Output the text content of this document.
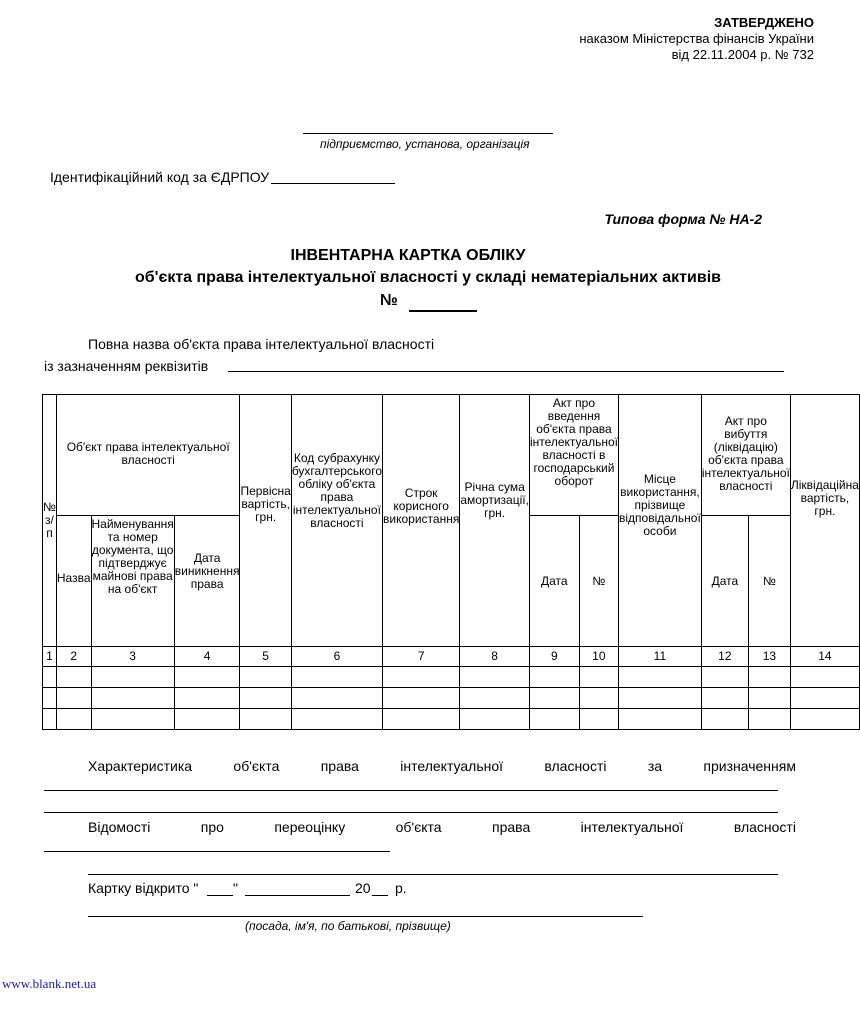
ЗАТВЕРДЖЕНО
наказом Міністерства фінансів України
від 22.11.2004 р. № 732
підприємство, установа, організація
Ідентифікаційний код за ЄДРПОУ
Типова форма № НА-2
ІНВЕНТАРНА КАРТКА ОБЛІКУ
об'єкта права інтелектуальної власності у складі нематеріальних активів
№
Повна назва об'єкта права інтелектуальної власності
із зазначенням реквізитів
№ з/п	Об'єкт права інтелектуальної власності			Первісна вартість, грн.	Код субрахунку бухгалтерського обліку об'єкта права інтелектуальної власності	Строк корисного використання	Річна сума амортизації, грн.	Акт про введення об'єкта права інтелектуальної власності в господарський оборот		Місце використання, прізвище відповідальної особи	Акт про вибуття (ліквідацію) об'єкта права інтелектуальної власності		Ліквідаційна вартість, грн.
	Назва	Найменування та номер документа, що підтверджує майнові права на об'єкт	Дата виникнення права					Дата	№		Дата	№	
1	2	3	4	5	6	7	8	9	10	11	12	13	14

Характеристика	об'єкта	права	інтелектуальної	власності	за	призначенням
Відомості	про	переоцінку	об'єкта	права	інтелектуальної	власності
Картку відкрито " "	20 р.
(посада, ім'я, по батькові, прізвище)
www.blank.net.ua
